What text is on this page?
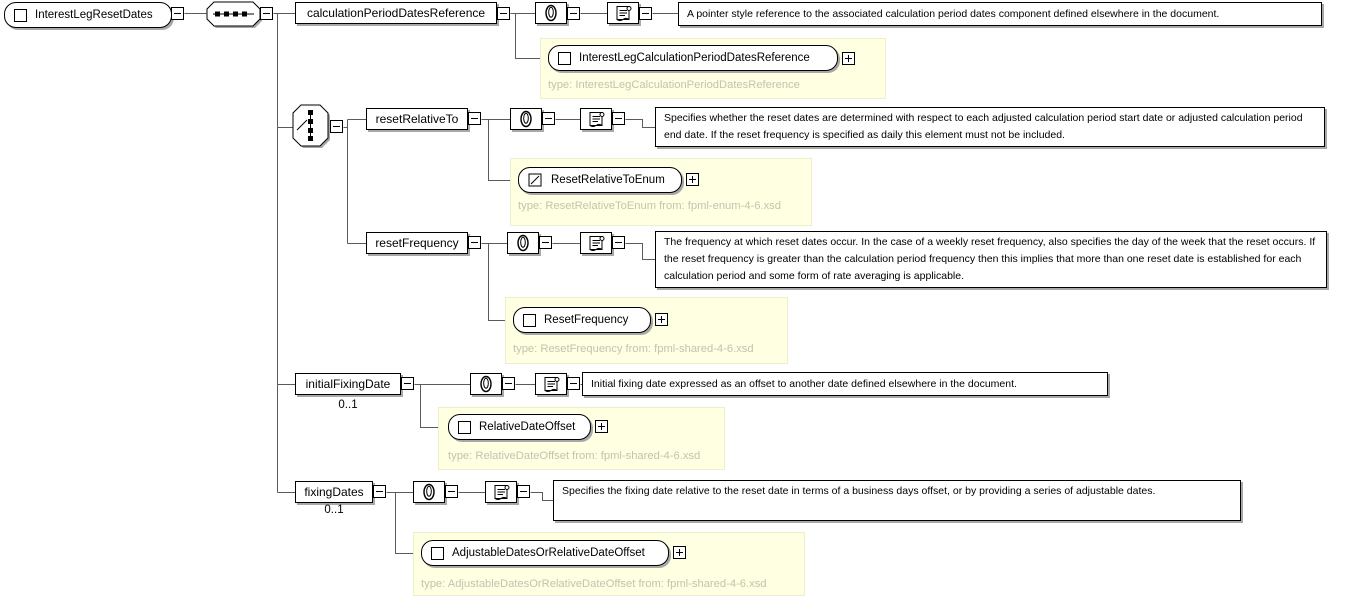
InterestLegResetDates	calculationPeriodDatesReference	A pointer style reference to the associated calculation period dates component defined elsewhere in the document.
InterestLegCalculationPeriodDatesReference
type: InterestLegCalculationPeriodDatesReference
resetRelativeTo	Specifies whether the reset dates are determined with respect to each adjusted calculation period start date or adjusted calculation period end date. If the reset frequency is specified as daily this element must not be included.
ResetRelativeToEnum
type: ResetRelativeToEnum from: fpml-enum-4-6.xsd
resetFrequency	The frequency at which reset dates occur. In the case of a weekly reset frequency, also specifies the day of the week that the reset occurs. If the reset frequency is greater than the calculation period frequency then this implies that more than one reset date is established for each calculation period and some form of rate averaging is applicable.
ResetFrequency
type: ResetFrequency from: fpml-shared-4-6.xsd
initialFixingDate
0..1
Initial fixing date expressed as an offset to another date defined elsewhere in the document.
RelativeDateOffset
type: RelativeDateOffset from: fpml-shared-4-6.xsd
fixingDates
0..1
Specifies the fixing date relative to the reset date in terms of a business days offset, or by providing a series of adjustable dates.
AdjustableDatesOrRelativeDateOffset
type: AdjustableDatesOrRelativeDateOffset from: fpml-shared-4-6.xsd
